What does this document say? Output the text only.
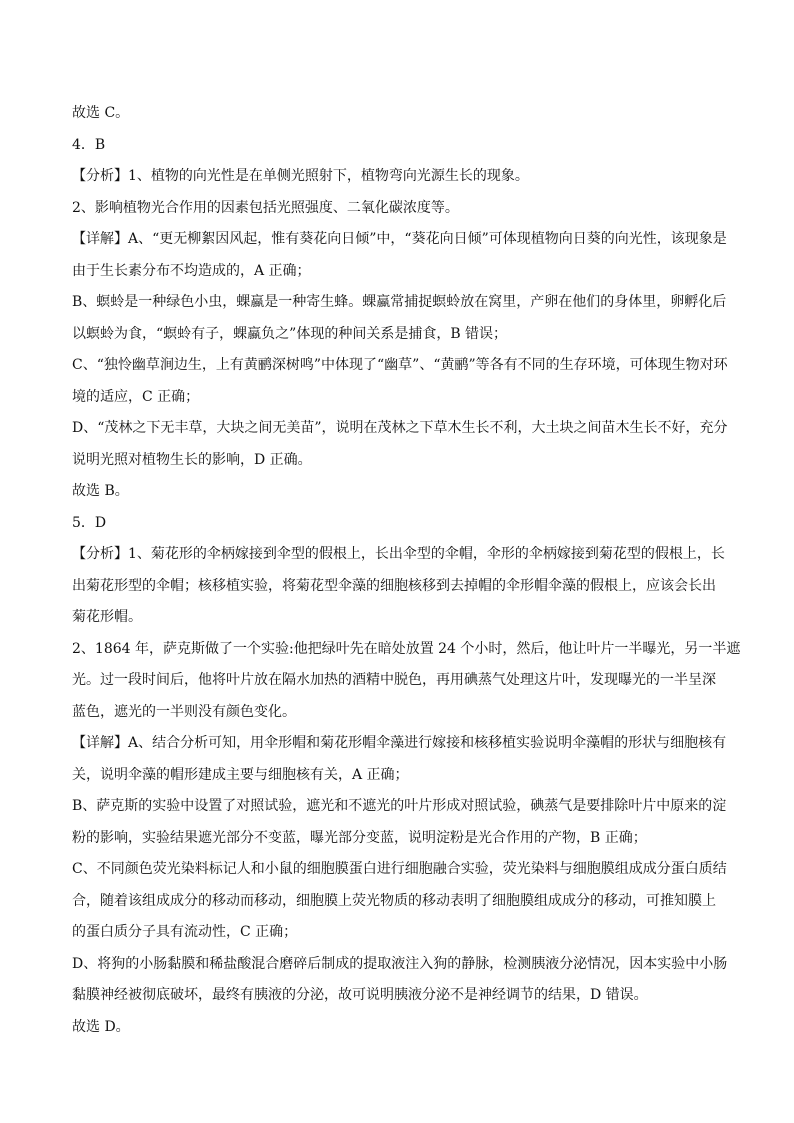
故选 C。
4．B
【分析】1、植物的向光性是在单侧光照射下，植物弯向光源生长的现象。
2、影响植物光合作用的因素包括光照强度、二氧化碳浓度等。
【详解】A、“更无柳絮因风起，惟有葵花向日倾”中，“葵花向日倾”可体现植物向日葵的向光性，该现象是
由于生长素分布不均造成的，A 正确；
B、螟蛉是一种绿色小虫，蜾蠃是一种寄生蜂。蜾蠃常捕捉螟蛉放在窝里，产卵在他们的身体里，卵孵化后
以螟蛉为食，“螟蛉有子，蜾蠃负之”体现的种间关系是捕食，B 错误；
C、“独怜幽草涧边生，上有黄鹂深树鸣”中体现了“幽草”、“黄鹂”等各有不同的生存环境，可体现生物对环
境的适应，C 正确；
D、“茂林之下无丰草，大块之间无美苗”，说明在茂林之下草木生长不利，大土块之间苗木生长不好，充分
说明光照对植物生长的影响，D 正确。
故选 B。
5．D
【分析】1、菊花形的伞柄嫁接到伞型的假根上，长出伞型的伞帽，伞形的伞柄嫁接到菊花型的假根上，长
出菊花形型的伞帽；核移植实验，将菊花型伞藻的细胞核移到去掉帽的伞形帽伞藻的假根上，应该会长出
菊花形帽。
2、1864 年，萨克斯做了一个实验:他把绿叶先在暗处放置 24 个小时，然后，他让叶片一半曝光，另一半遮
光。过一段时间后，他将叶片放在隔水加热的酒精中脱色，再用碘蒸气处理这片叶，发现曝光的一半呈深
蓝色，遮光的一半则没有颜色变化。
【详解】A、结合分析可知，用伞形帽和菊花形帽伞藻进行嫁接和核移植实验说明伞藻帽的形状与细胞核有
关，说明伞藻的帽形建成主要与细胞核有关，A 正确；
B、萨克斯的实验中设置了对照试验，遮光和不遮光的叶片形成对照试验，碘蒸气是要排除叶片中原来的淀
粉的影响，实验结果遮光部分不变蓝，曝光部分变蓝，说明淀粉是光合作用的产物，B 正确；
C、不同颜色荧光染料标记人和小鼠的细胞膜蛋白进行细胞融合实验，荧光染料与细胞膜组成成分蛋白质结
合，随着该组成成分的移动而移动，细胞膜上荧光物质的移动表明了细胞膜组成成分的移动，可推知膜上
的蛋白质分子具有流动性，C 正确；
D、将狗的小肠黏膜和稀盐酸混合磨碎后制成的提取液注入狗的静脉，检测胰液分泌情况，因本实验中小肠
黏膜神经被彻底破坏，最终有胰液的分泌，故可说明胰液分泌不是神经调节的结果，D 错误。
故选 D。
